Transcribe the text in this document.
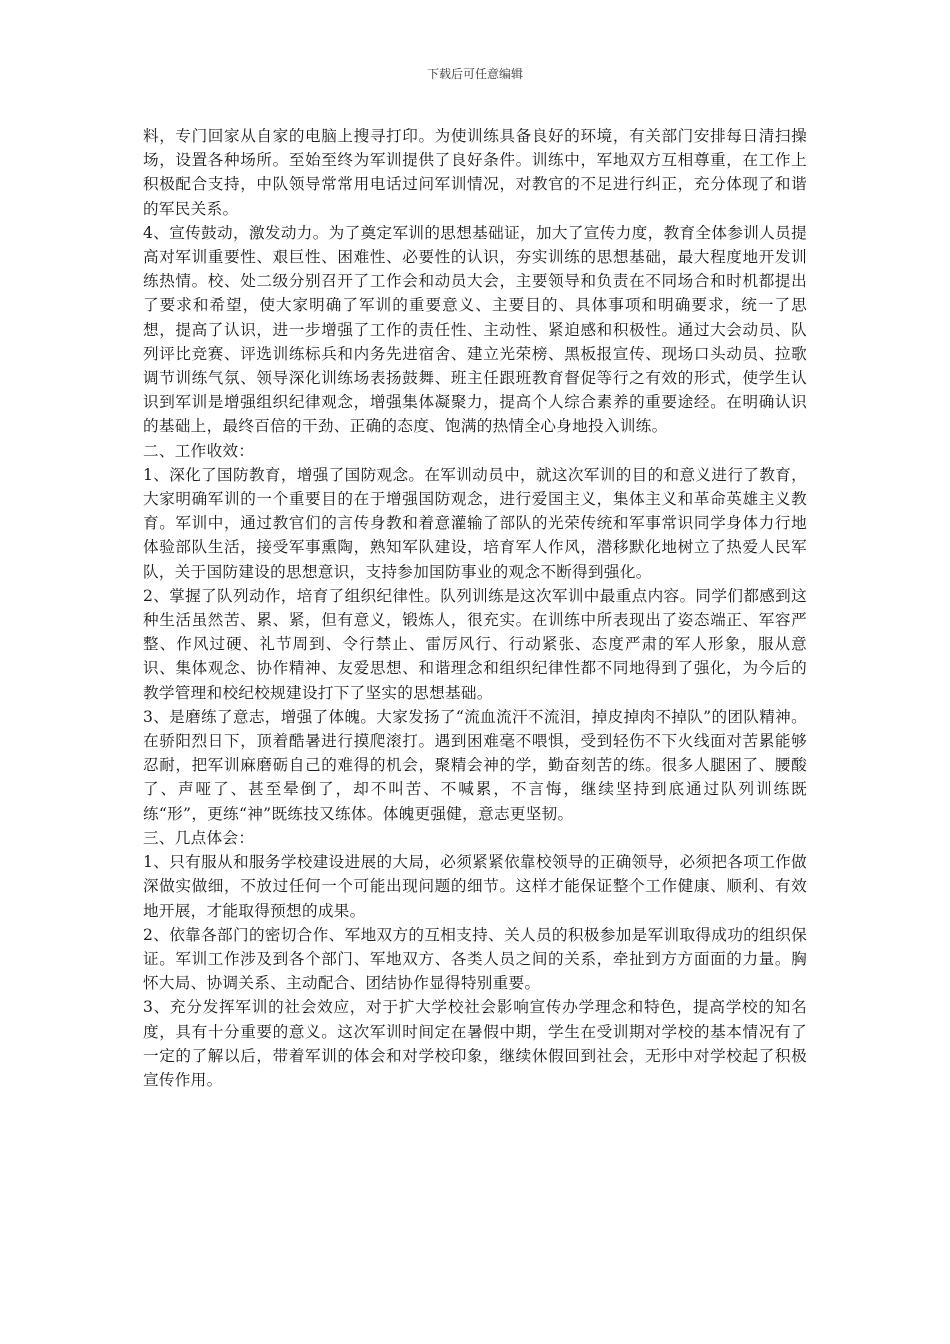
下载后可任意编辑

料，专门回家从自家的电脑上搜寻打印。为使训练具备良好的环境，有关部门安排每日清扫操场，设置各种场所。至始至终为军训提供了良好条件。训练中，军地双方互相尊重，在工作上积极配合支持，中队领导常常用电话过问军训情况，对教官的不足进行纠正，充分体现了和谐的军民关系。

4、宣传鼓动，激发动力。为了奠定军训的思想基础证，加大了宣传力度，教育全体参训人员提高对军训重要性、艰巨性、困难性、必要性的认识，夯实训练的思想基础，最大程度地开发训练热情。校、处二级分别召开了工作会和动员大会，主要领导和负责在不同场合和时机都提出了要求和希望，使大家明确了军训的重要意义、主要目的、具体事项和明确要求，统一了思想，提高了认识，进一步增强了工作的责任性、主动性、紧迫感和积极性。通过大会动员、队列评比竞赛、评选训练标兵和内务先进宿舍、建立光荣榜、黑板报宣传、现场口头动员、拉歌调节训练气氛、领导深化训练场表扬鼓舞、班主任跟班教育督促等行之有效的形式，使学生认识到军训是增强组织纪律观念，增强集体凝聚力，提高个人综合素养的重要途经。在明确认识的基础上，最终百倍的干劲、正确的态度、饱满的热情全心身地投入训练。

二、工作收效：

1、深化了国防教育，增强了国防观念。在军训动员中，就这次军训的目的和意义进行了教育，大家明确军训的一个重要目的在于增强国防观念，进行爱国主义，集体主义和革命英雄主义教育。军训中，通过教官们的言传身教和着意灌输了部队的光荣传统和军事常识同学身体力行地体验部队生活，接受军事熏陶，熟知军队建设，培育军人作风，潜移默化地树立了热爱人民军队，关于国防建设的思想意识，支持参加国防事业的观念不断得到强化。

2、掌握了队列动作，培育了组织纪律性。队列训练是这次军训中最重点内容。同学们都感到这种生活虽然苦、累、紧，但有意义，锻炼人，很充实。在训练中所表现出了姿态端正、军容严整、作风过硬、礼节周到、令行禁止、雷厉风行、行动紧张、态度严肃的军人形象，服从意识、集体观念、协作精神、友爱思想、和谐理念和组织纪律性都不同地得到了强化，为今后的教学管理和校纪校规建设打下了坚实的思想基础。

3、是磨练了意志，增强了体魄。大家发扬了“流血流汗不流泪，掉皮掉肉不掉队”的团队精神。在骄阳烈日下，顶着酷暑进行摸爬滚打。遇到困难毫不喂惧，受到轻伤不下火线面对苦累能够忍耐，把军训麻磨砺自己的难得的机会，聚精会神的学，勤奋刻苦的练。很多人腿困了、腰酸了、声哑了、甚至晕倒了，却不叫苦、不喊累，不言悔，继续坚持到底通过队列训练既练“形”，更练“神”既练技又练体。体魄更强健，意志更坚韧。

三、几点体会：

1、只有服从和服务学校建设进展的大局，必须紧紧依靠校领导的正确领导，必须把各项工作做深做实做细，不放过任何一个可能出现问题的细节。这样才能保证整个工作健康、顺利、有效地开展，才能取得预想的成果。

2、依靠各部门的密切合作、军地双方的互相支持、关人员的积极参加是军训取得成功的组织保证。军训工作涉及到各个部门、军地双方、各类人员之间的关系，牵扯到方方面面的力量。胸怀大局、协调关系、主动配合、团结协作显得特别重要。

3、充分发挥军训的社会效应，对于扩大学校社会影响宣传办学理念和特色，提高学校的知名度，具有十分重要的意义。这次军训时间定在暑假中期，学生在受训期对学校的基本情况有了一定的了解以后，带着军训的体会和对学校印象，继续休假回到社会，无形中对学校起了积极宣传作用。
